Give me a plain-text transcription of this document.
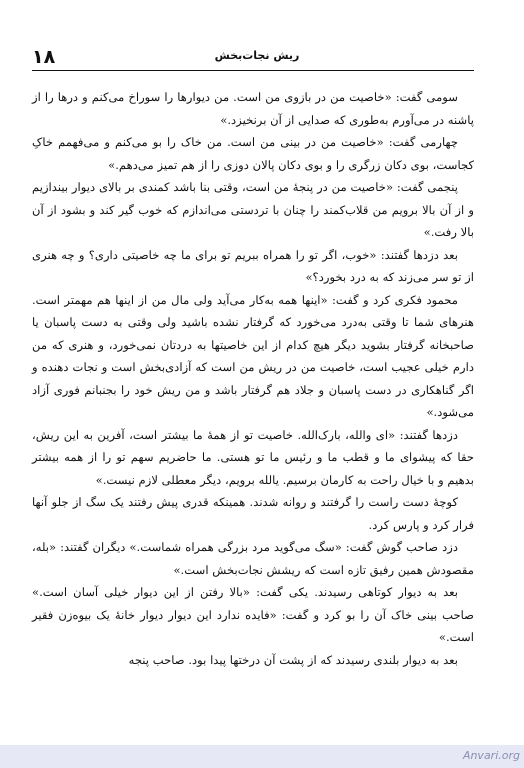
۱۸	ریش نجات‌بخش

سومی گفت: «خاصیت من در بازوی من است. من دیوارها را سوراخ می‌کنم و درها را از پاشنه در می‌آورم به‌طوری که صدایی از آن برنخیزد.»

چهارمی گفت: «خاصیت من در بینی من است. من خاک را بو می‌کنم و می‌فهمم خاکِ کجاست، بوی دکان زرگری را و بوی دکان پالان دوزی را از هم تمیز می‌دهم.»

پنجمی گفت: «خاصیت من در پنجهٔ من است، وقتی بنا باشد کمندی بر بالای دیوار بیندازیم و از آن بالا برویم من قلاب‌کمند را چنان با تردستی می‌اندازم که خوب گیر کند و بشود از آن بالا رفت.»

بعد دزدها گفتند: «خوب، اگر تو را همراه ببریم تو برای ما چه خاصیتی داری؟ و چه هنری از تو سر می‌زند که به درد بخورد؟»

محمود فکری کرد و گفت: «اینها همه به‌کار می‌آید ولی مال من از اینها هم مهمتر است. هنرهای شما تا وقتی به‌درد می‌خورد که گرفتار نشده باشید ولی وقتی به دست پاسبان یا صاحبخانه گرفتار بشوید دیگر هیچ کدام از این خاصیتها به دردتان نمی‌خورد، و هنری که من دارم خیلی عجیب است، خاصیت من در ریش من است که آزادی‌بخش است و نجات دهنده و اگر گناهکاری در دست پاسبان و جلاد هم گرفتار باشد و من ریش خود را بجنبانم فوری آزاد می‌شود.»

دزدها گفتند: «ای والله، بارک‌الله. خاصیت تو از همهٔ ما بیشتر است، آفرین به این ریش، حقا که پیشوای ما و قطب ما و رئیس ما تو هستی. ما حاضریم سهم تو را از همه بیشتر بدهیم و با خیال راحت به کارمان برسیم. یالله برویم، دیگر معطلی لازم نیست.»

کوچهٔ دست راست را گرفتند و روانه شدند. همینکه قدری پیش رفتند یک سگ از جلو آنها فرار کرد و پارس کرد.

دزد صاحب گوش گفت: «سگ می‌گوید مرد بزرگی همراه شماست.» دیگران گفتند: «بله، مقصودش همین رفیق تازه است که ریشش نجات‌بخش است.»

بعد به دیوار کوتاهی رسیدند. یکی گفت: «بالا رفتن از این دیوار خیلی آسان است.» صاحب بینی خاک آن را بو کرد و گفت: «فایده ندارد این دیوار دیوار خانهٔ یک بیوه‌زن فقیر است.»

بعد به دیوار بلندی رسیدند که از پشت آن درختها پیدا بود. صاحب پنجه

Anvari.org
